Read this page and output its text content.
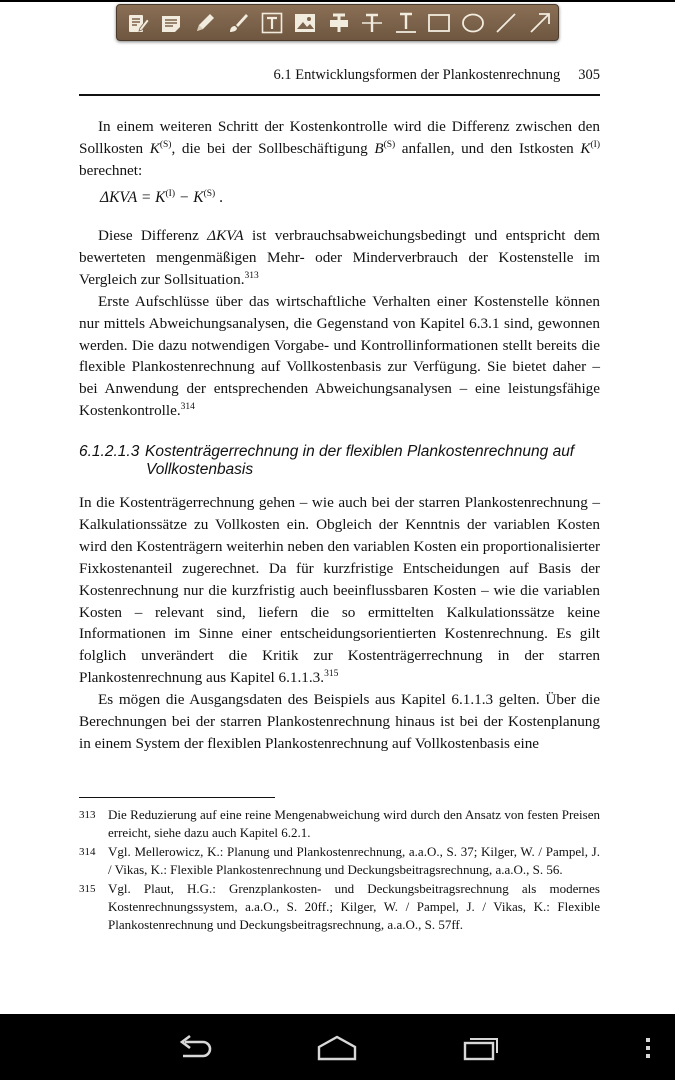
6.1 Entwicklungsformen der Plankostenrechnung 305

In einem weiteren Schritt der Kostenkontrolle wird die Differenz zwischen den Sollkosten $K^{(S)}$, die bei der Sollbeschäftigung $B^{(S)}$ anfallen, und den Istkosten $K^{(I)}$ berechnet:

$\Delta KVA = K^{(I)} - K^{(S)}$ .

Diese Differenz ΔKVA ist verbrauchsabweichungsbedingt und entspricht dem bewerteten mengenmäßigen Mehr- oder Minderverbrauch der Kostenstelle im Vergleich zur Sollsituation.$^{313}$

Erste Aufschlüsse über das wirtschaftliche Verhalten einer Kostenstelle können nur mittels Abweichungsanalysen, die Gegenstand von Kapitel 6.3.1 sind, gewonnen werden. Die dazu notwendigen Vorgabe- und Kontrollinformationen stellt bereits die flexible Plankostenrechnung auf Vollkostenbasis zur Verfügung. Sie bietet daher – bei Anwendung der entsprechenden Abweichungsanalysen – eine leistungsfähige Kostenkontrolle.$^{314}$

6.1.2.1.3 Kostenträgerrechnung in der flexiblen Plankostenrechnung auf
Vollkostenbasis

In die Kostenträgerrechnung gehen – wie auch bei der starren Plankostenrechnung – Kalkulationssätze zu Vollkosten ein. Obgleich der Kenntnis der variablen Kosten wird den Kostenträgern weiterhin neben den variablen Kosten ein proportionalisierter Fixkostenanteil zugerechnet. Da für kurzfristige Entscheidungen auf Basis der Kostenrechnung nur die kurzfristig auch beeinflussbaren Kosten – wie die variablen Kosten – relevant sind, liefern die so ermittelten Kalkulationssätze keine Informationen im Sinne einer entscheidungsorientierten Kostenrechnung. Es gilt folglich unverändert die Kritik zur Kostenträgerrechnung in der starren Plankostenrechnung aus Kapitel 6.1.1.3.$^{315}$

Es mögen die Ausgangsdaten des Beispiels aus Kapitel 6.1.1.3 gelten. Über die Berechnungen bei der starren Plankostenrechnung hinaus ist bei der Kostenplanung in einem System der flexiblen Plankostenrechnung auf Vollkostenbasis eine

313 Die Reduzierung auf eine reine Mengenabweichung wird durch den Ansatz von festen Preisen erreicht, siehe dazu auch Kapitel 6.2.1.
314 Vgl. Mellerowicz, K.: Planung und Plankostenrechnung, a.a.O., S. 37; Kilger, W. / Pampel, J. / Vikas, K.: Flexible Plankostenrechnung und Deckungsbeitragsrechnung, a.a.O., S. 56.
315 Vgl. Plaut, H.G.: Grenzplankosten- und Deckungsbeitragsrechnung als modernes Kostenrechnungssystem, a.a.O., S. 20ff.; Kilger, W. / Pampel, J. / Vikas, K.: Flexible Plankostenrechnung und Deckungsbeitragsrechnung, a.a.O., S. 57ff.
